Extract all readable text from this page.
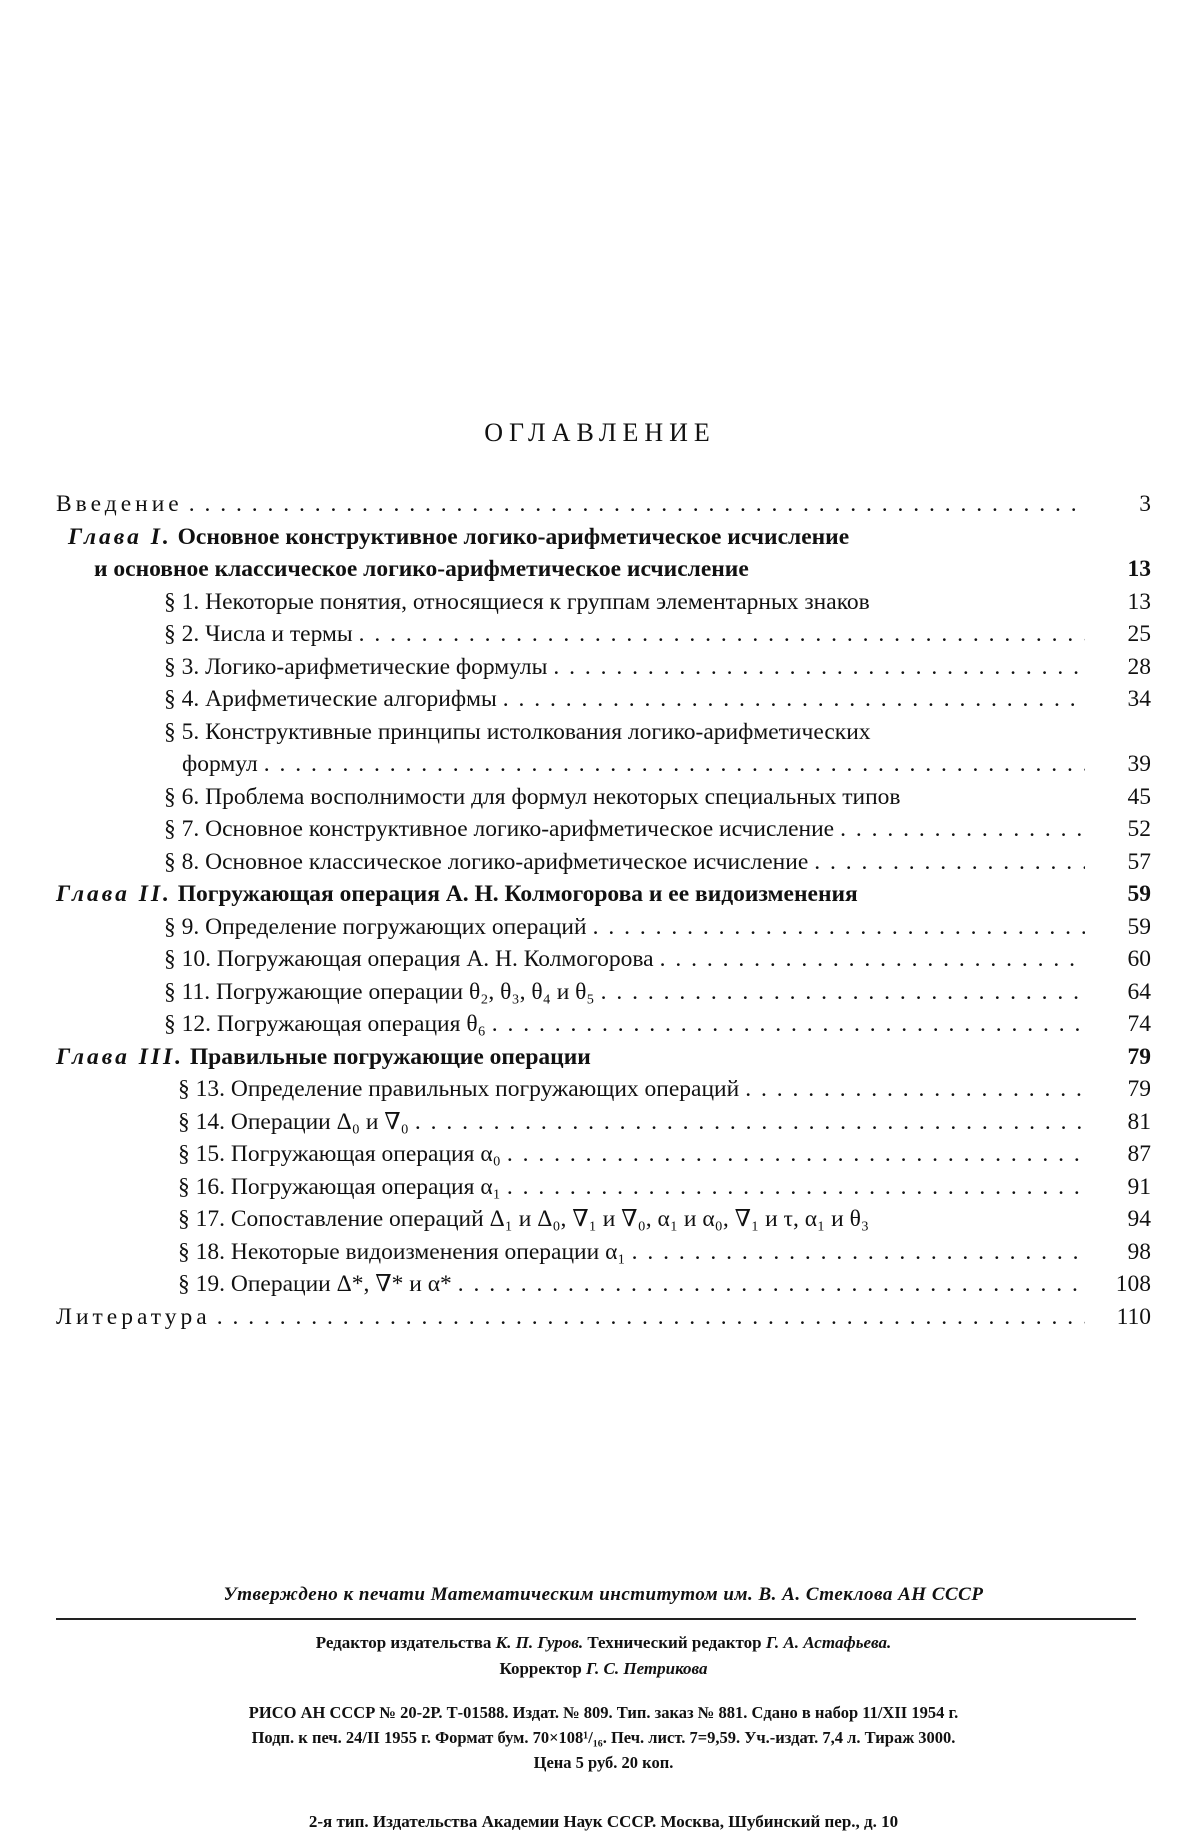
ОГЛАВЛЕНИЕ
Введение . . .	3
Глава I. Основное конструктивное логико-арифметическое исчисление
и основное классическое логико-арифметическое исчисление	13
§ 1. Некоторые понятия, относящиеся к группам элементарных знаков	13
§ 2. Числа и термы . . .	25
§ 3. Логико-арифметические формулы . . .	28
§ 4. Арифметические алгорифмы . . .	34
§ 5. Конструктивные принципы истолкования логико-арифметических
формул . . .	39
§ 6. Проблема восполнимости для формул некоторых специальных типов	45
§ 7. Основное конструктивное логико-арифметическое исчисление . . .	52
§ 8. Основное классическое логико-арифметическое исчисление . . .	57
Глава II. Погружающая операция А. Н. Колмогорова и ее видоизменения	59
§ 9. Определение погружающих операций . . .	59
§ 10. Погружающая операция А. Н. Колмогорова . . .	60
§ 11. Погружающие операции θ₂, θ₃, θ₄ и θ₅ . . .	64
§ 12. Погружающая операция θ₆ . . .	74
Глава III. Правильные погружающие операции	79
§ 13. Определение правильных погружающих операций . . .	79
§ 14. Операции Δ₀ и ∇₀ . . .	81
§ 15. Погружающая операция α₀ . . .	87
§ 16. Погружающая операция α₁ . . .	91
§ 17. Сопоставление операций Δ₁ и Δ₀, ∇₁ и ∇₀, α₁ и α₀, ∇₁ и τ, α₁ и θ₃	94
§ 18. Некоторые видоизменения операции α₁ . . .	98
§ 19. Операции Δ*, ∇* и α* . . .	108
Литература . . .	110
Утверждено к печати Математическим институтом им. В. А. Стеклова АН СССР
Редактор издательства К. П. Гуров. Технический редактор Г. А. Астафьева.
Корректор Г. С. Петрикова
РИСО АН СССР № 20-2Р. Т-01588. Издат. № 809. Тип. заказ № 881. Сдано в набор 11/XII 1954 г.
Подп. к печ. 24/II 1955 г. Формат бум. 70×108¹/₁₆. Печ. лист. 7=9,59. Уч.-издат. 7,4 л. Тираж 3000.
Цена 5 руб. 20 коп.
2-я тип. Издательства Академии Наук СССР. Москва, Шубинский пер., д. 10
